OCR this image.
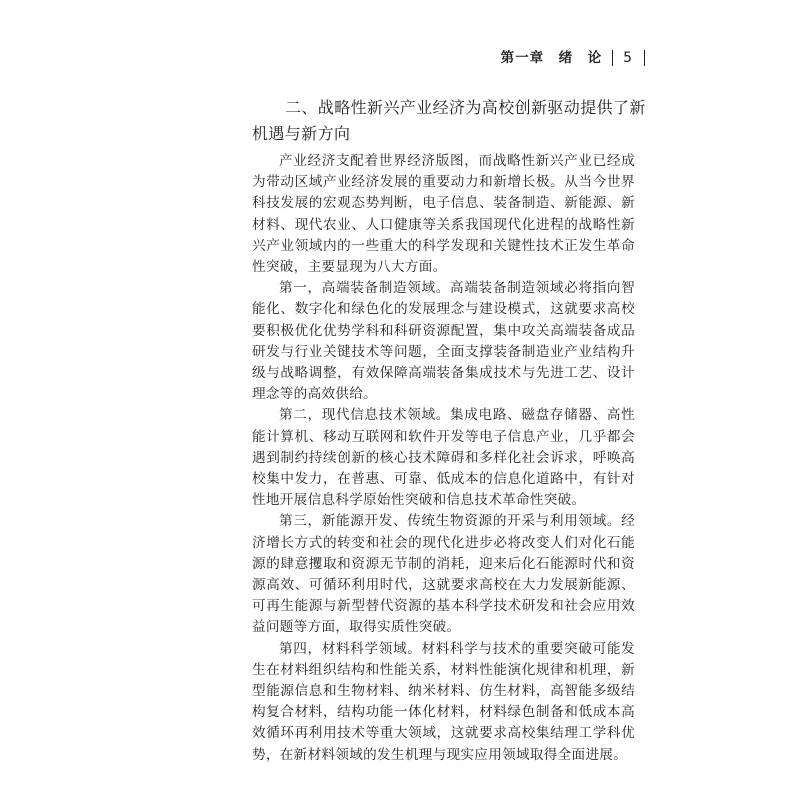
第一章　绪　论 5
二、战略性新兴产业经济为高校创新驱动提供了新机遇与新方向

产业经济支配着世界经济版图，而战略性新兴产业已经成为带动区域产业经济发展的重要动力和新增长极。从当今世界科技发展的宏观态势判断，电子信息、装备制造、新能源、新材料、现代农业、人口健康等关系我国现代化进程的战略性新兴产业领域内的一些重大的科学发现和关键性技术正发生革命性突破，主要显现为八大方面。

第一，高端装备制造领域。高端装备制造领域必将指向智能化、数字化和绿色化的发展理念与建设模式，这就要求高校要积极优化优势学科和科研资源配置，集中攻关高端装备成品研发与行业关键技术等问题，全面支撑装备制造业产业结构升级与战略调整，有效保障高端装备集成技术与先进工艺、设计理念等的高效供给。

第二，现代信息技术领域。集成电路、磁盘存储器、高性能计算机、移动互联网和软件开发等电子信息产业，几乎都会遇到制约持续创新的核心技术障碍和多样化社会诉求，呼唤高校集中发力，在普惠、可靠、低成本的信息化道路中，有针对性地开展信息科学原始性突破和信息技术革命性突破。

第三，新能源开发、传统生物资源的开采与利用领域。经济增长方式的转变和社会的现代化进步必将改变人们对化石能源的肆意攫取和资源无节制的消耗，迎来后化石能源时代和资源高效、可循环利用时代，这就要求高校在大力发展新能源、可再生能源与新型替代资源的基本科学技术研发和社会应用效益问题等方面，取得实质性突破。

第四，材料科学领域。材料科学与技术的重要突破可能发生在材料组织结构和性能关系，材料性能演化规律和机理，新型能源信息和生物材料、纳米材料、仿生材料，高智能多级结构复合材料，结构功能一体化材料，材料绿色制备和低成本高效循环再利用技术等重大领域，这就要求高校集结理工学科优势，在新材料领域的发生机理与现实应用领域取得全面进展。
